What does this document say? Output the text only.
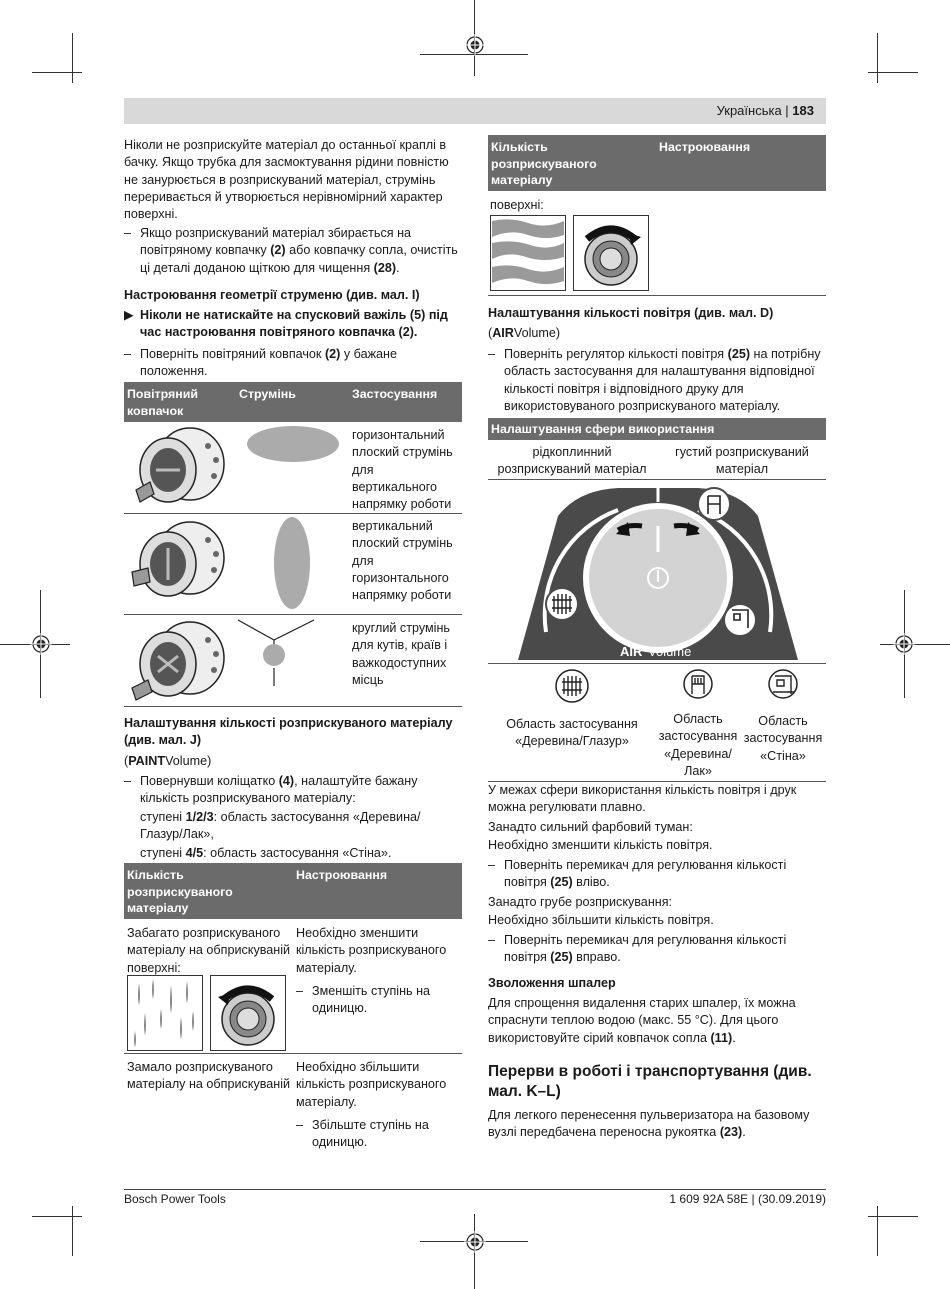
Українська | 183
Ніколи не розприскуйте матеріал до останньої краплі в бачку. Якщо трубка для засмоктування рідини повністю не занурюється в розприскуваний матеріал, струмінь переривається й утворюється нерівномірний характер поверхні.
– Якщо розприскуваний матеріал збирається на повітряному ковпачку (2) або ковпачку сопла, очистіть ці деталі доданою щіткою для чищення (28).
Настроювання геометрії струменю (див. мал. I)
▶ Ніколи не натискайте на спусковий важіль (5) під час настроювання повітряного ковпачка (2).
– Поверніть повітряний ковпачок (2) у бажане положення.
Повітряний ковпачок
Струмінь	Застосування
горизонтальний плоский струмінь для вертикального напрямку роботи
вертикальний плоский струмінь для горизонтального напрямку роботи
круглий струмінь для кутів, країв і важкодоступних місць
Налаштування кількості розприскуваного матеріалу (див. мал. J)
(PAINTVolume)
– Повернувши коліщатко (4), налаштуйте бажану кількість розприскуваного матеріалу:
ступені 1/2/3: область застосування «Деревина/ Глазур/Лак»,
ступені 4/5: область застосування «Стіна».
Кількість розприскуваного матеріалу
Настроювання
Забагато розприскуваного матеріалу на обприскуваній поверхні:
Необхідно зменшити кількість розприскуваного матеріалу.
– Зменшіть ступінь на одиницю.
Замало розприскуваного матеріалу на обприскуваній
Необхідно збільшити кількість розприскуваного матеріалу.
– Збільште ступінь на одиницю.
Кількість розприскуваного матеріалу
Настроювання
поверхні:
Налаштування кількості повітря (див. мал. D)
(AIRVolume)
– Поверніть регулятор кількості повітря (25) на потрібну область застосування для налаштування відповідної кількості повітря і відповідного друку для використовуваного розприскуваного матеріалу.
Налаштування сфери використання
рідкоплинний розприскуваний матеріал
густий розприскуваний матеріал
AIR Volume
Область застосування «Деревина/Глазур»
Область застосування «Деревина/ Лак»
Область застосування «Стіна»
У межах сфери використання кількість повітря і друк можна регулювати плавно.
Занадто сильний фарбовий туман:
Необхідно зменшити кількість повітря.
– Поверніть перемикач для регулювання кількості повітря (25) вліво.
Занадто грубе розприскування:
Необхідно збільшити кількість повітря.
– Поверніть перемикач для регулювання кількості повітря (25) вправо.
Зволоження шпалер
Для спрощення видалення старих шпалер, їх можна спраснути теплою водою (макс. 55 °C). Для цього використовуйте сірий ковпачок сопла (11).
Перерви в роботі і транспортування (див. мал. K–L)
Для легкого перенесення пульверизатора на базовому вузлі передбачена переносна рукоятка (23).
Bosch Power Tools	1 609 92A 58E | (30.09.2019)
